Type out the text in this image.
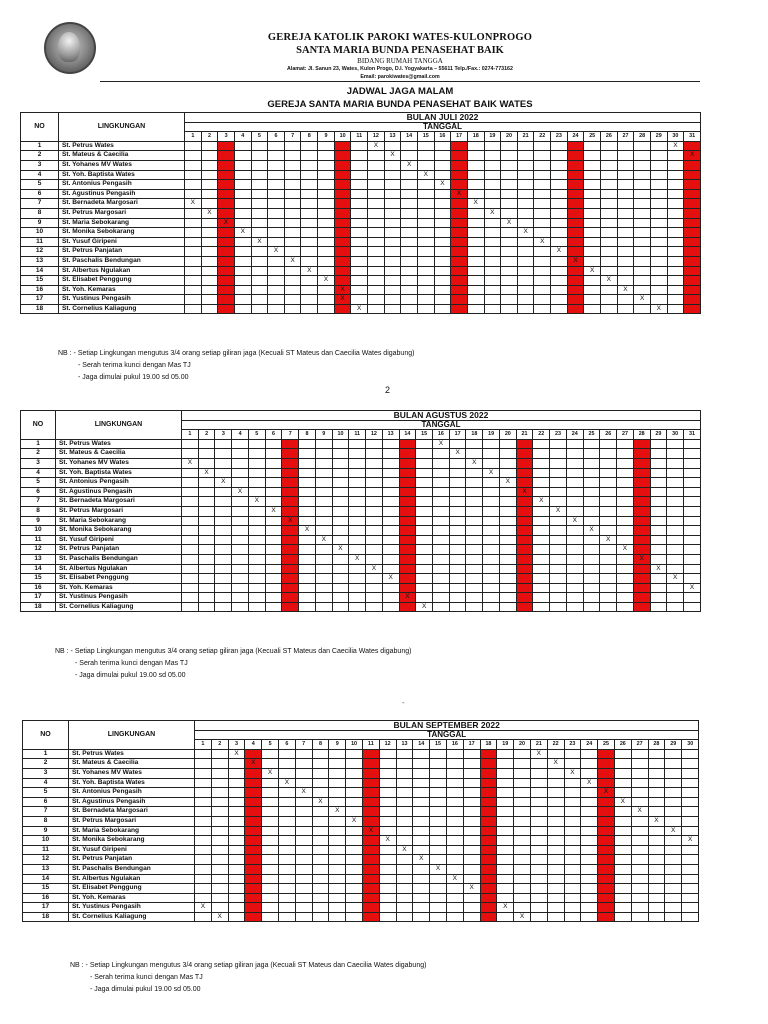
GEREJA KATOLIK PAROKI WATES-KULONPROGO
SANTA MARIA BUNDA PENASEHAT BAIK
BIDANG RUMAH TANGGA
Alamat: Jl. Sanun 23, Wates, Kulon Progo, D.I. Yogyakarta – 55611 Telp./Fax.: 0274-773162
Email: parokiwates@gmail.com
JADWAL JAGA MALAM
GEREJA SANTA MARIA BUNDA PENASEHAT BAIK WATES
NO	LINGKUNGAN	BULAN JULI 2022																														
		TANGGAL																														
		1	2	3	4	5	6	7	8	9	10	11	12	13	14	15	16	17	18	19	20	21	22	23	24	25	26	27	28	29	30	31
1	St. Petrus Wates												X																		X	
2	St. Mateus & Caecilia													X																		X
3	St. Yohanes MV Wates														X																	
4	St. Yoh. Baptista Wates															X																
5	St. Antonius Pengasih																X															
6	St. Agustinus Pengasih																	X														
7	St. Bernadeta Margosari	X																	X													
8	St. Petrus Margosari		X																	X												
9	St. Maria Sebokarang			X																	X											
10	St. Monika Sebokarang				X																	X										
11	St. Yusuf Giripeni					X																	X									
12	St. Petrus Panjatan						X																	X								
13	St. Paschalis Bendungan							X																	X							
14	St. Albertus Ngulakan								X																	X						
15	St. Elisabet Penggung									X																	X					
16	St. Yoh. Kemaras										X																	X				
17	St. Yustinus Pengasih										X																		X			
18	St. Cornelius Kaliagung											X																		X		
NB : - Setiap Lingkungan mengutus 3/4 orang setiap giliran jaga (Kecuali ST Mateus dan Caecilia Wates digabung)
- Serah terima kunci dengan Mas TJ
- Jaga dimulai pukul 19.00 sd 05.00
NO	LINGKUNGAN	BULAN AGUSTUS 2022																														
		TANGGAL																														
		1	2	3	4	5	6	7	8	9	10	11	12	13	14	15	16	17	18	19	20	21	22	23	24	25	26	27	28	29	30	31
1	St. Petrus Wates																X															
2	St. Mateus & Caecilia																	X														
3	St. Yohanes MV Wates	X																	X													
4	St. Yoh. Baptista Wates		X																	X												
5	St. Antonius Pengasih			X																	X											
6	St. Agustinus Pengasih				X																	X										
7	St. Bernadeta Margosari					X																	X									
8	St. Petrus Margosari						X																	X								
9	St. Maria Sebokarang							X																	X							
10	St. Monika Sebokarang								X																	X						
11	St. Yusuf Giripeni									X																	X					
12	St. Petrus Panjatan										X																	X				
13	St. Paschalis Bendungan											X																	X			
14	St. Albertus Ngulakan												X																	X		
15	St. Elisabet Penggung													X																	X	
16	St. Yoh. Kemaras																															X
17	St. Yustinus Pengasih														X																	
18	St. Cornelius Kaliagung															X																
NB : - Setiap Lingkungan mengutus 3/4 orang setiap giliran jaga (Kecuali ST Mateus dan Caecilia Wates digabung)
- Serah terima kunci dengan Mas TJ
- Jaga dimulai pukul 19.00 sd 05.00
NO	LINGKUNGAN	BULAN SEPTEMBER 2022																													
		TANGGAL																													
		1	2	3	4	5	6	7	8	9	10	11	12	13	14	15	16	17	18	19	20	21	22	23	24	25	26	27	28	29	30
1	St. Petrus Wates			X																		X									
2	St. Mateus & Caecilia				X																		X								
3	St. Yohanes MV Wates					X																		X							
4	St. Yoh. Baptista Wates						X																		X						
5	St. Antonius Pengasih							X																		X					
6	St. Agustinus Pengasih								X																		X				
7	St. Bernadeta Margosari									X																		X			
8	St. Petrus Margosari										X																		X		
9	St. Maria Sebokarang											X																		X	
10	St. Monika Sebokarang												X																		X
11	St. Yusuf Giripeni													X																	
12	St. Petrus Panjatan														X																
13	St. Paschalis Bendungan															X															
14	St. Albertus Ngulakan																X														
15	St. Elisabet Penggung																	X													
16	St. Yoh. Kemaras																														
17	St. Yustinus Pengasih	X																		X											
18	St. Cornelius Kaliagung		X																		X										
NB : - Setiap Lingkungan mengutus 3/4 orang setiap giliran jaga (Kecuali ST Mateus dan Caecilia Wates digabung)
- Serah terima kunci dengan Mas TJ
- Jaga dimulai pukul 19.00 sd 05.00
2
-
